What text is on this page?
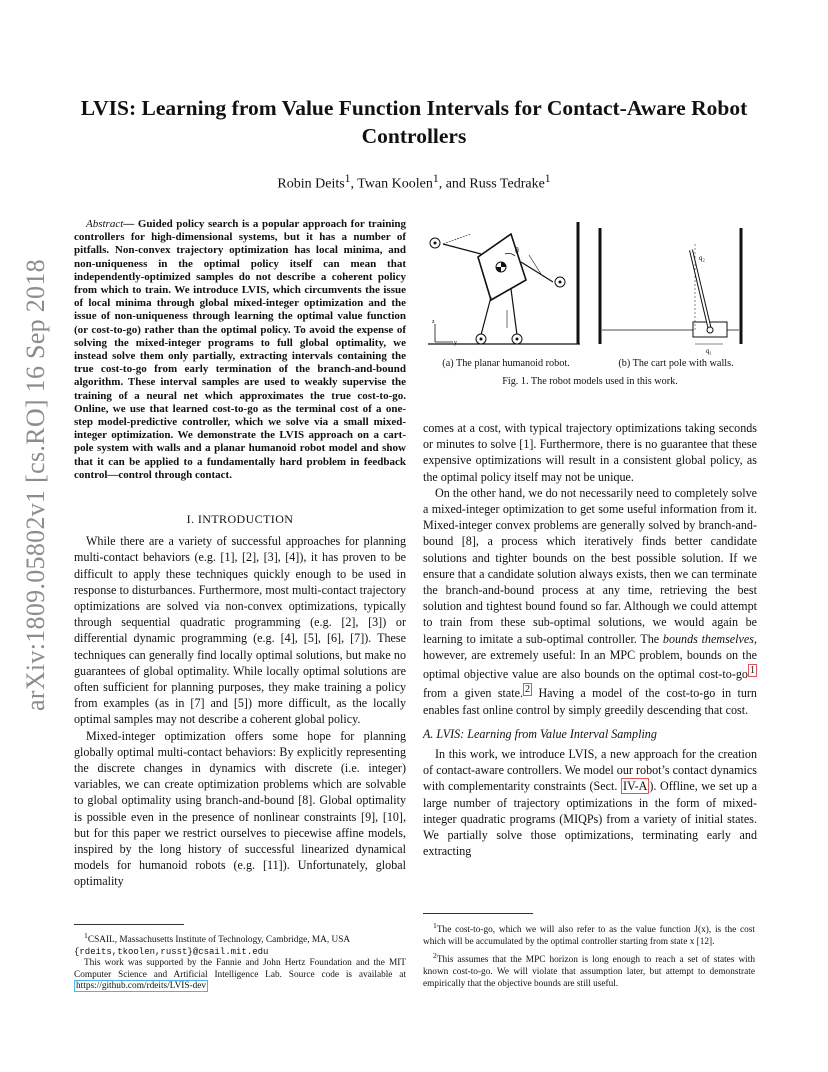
arXiv:1809.05802v1 [cs.RO] 16 Sep 2018
LVIS: Learning from Value Function Intervals for Contact-Aware Robot Controllers
Robin Deits$^1$, Twan Koolen$^1$, and Russ Tedrake$^1$
Abstract— Guided policy search is a popular approach for training controllers for high-dimensional systems, but it has a number of pitfalls. Non-convex trajectory optimization has local minima, and non-uniqueness in the optimal policy itself can mean that independently-optimized samples do not describe a coherent policy from which to train. We introduce LVIS, which circumvents the issue of local minima through global mixed-integer optimization and the issue of non-uniqueness through learning the optimal value function (or cost-to-go) rather than the optimal policy. To avoid the expense of solving the mixed-integer programs to full global optimality, we instead solve them only partially, extracting intervals containing the true cost-to-go from early termination of the branch-and-bound algorithm. These interval samples are used to weakly supervise the training of a neural net which approximates the true cost-to-go. Online, we use that learned cost-to-go as the terminal cost of a one-step model-predictive controller, which we solve via a small mixed-integer optimization. We demonstrate the LVIS approach on a cart-pole system with walls and a planar humanoid robot model and show that it can be applied to a fundamentally hard problem in feedback control—control through contact.
I. INTRODUCTION

While there are a variety of successful approaches for planning multi-contact behaviors (e.g. [1], [2], [3], [4]), it has proven to be difficult to apply these techniques quickly enough to be used in response to disturbances. Furthermore, most multi-contact trajectory optimizations are solved via non-convex optimizations, typically through sequential quadratic programming (e.g. [2], [3]) or differential dynamic programming (e.g. [4], [5], [6], [7]). These techniques can generally find locally optimal solutions, but make no guarantees of global optimality. While locally optimal solutions are often sufficient for planning purposes, they make training a policy from examples (as in [7] and [5]) more difficult, as the locally optimal samples may not describe a coherent global policy.

Mixed-integer optimization offers some hope for planning globally optimal multi-contact behaviors: By explicitly representing the discrete changes in dynamics with discrete (i.e. integer) variables, we can create optimization problems which are solvable to global optimality using branch-and-bound [8]. Global optimality is possible even in the presence of nonlinear constraints [9], [10], but for this paper we restrict ourselves to piecewise affine models, inspired by the long history of successful linearized dynamical models for humanoid robots (e.g. [11]). Unfortunately, global optimality

$^1$CSAIL, Massachusetts Institute of Technology, Cambridge, MA, USA
{rdeits,tkoolen,russt}@csail.mit.edu
This work was supported by the Fannie and John Hertz Foundation and the MIT Computer Science and Artificial Intelligence Lab. Source code is available at https://github.com/rdeits/LVIS-dev
θ
z
y
q₂
q₁
(a) The planar humanoid robot.	(b) The cart pole with walls.
Fig. 1. The robot models used in this work.

comes at a cost, with typical trajectory optimizations taking seconds or minutes to solve [1]. Furthermore, there is no guarantee that these expensive optimizations will result in a consistent global policy, as the optimal policy itself may not be unique.

On the other hand, we do not necessarily need to completely solve a mixed-integer optimization to get some useful information from it. Mixed-integer convex problems are generally solved by branch-and-bound [8], a process which iteratively finds better candidate solutions and tighter bounds on the best possible solution. If we ensure that a candidate solution always exists, then we can terminate the branch-and-bound process at any time, retrieving the best solution and tightest bound found so far. Although we could attempt to train from these sub-optimal solutions, we would again be learning to imitate a sub-optimal controller. The bounds themselves, however, are extremely useful: In an MPC problem, bounds on the optimal objective value are also bounds on the optimal cost-to-go $^1$ from a given state. $^2$ Having a model of the cost-to-go in turn enables fast online control by simply greedily descending that cost.

A. LVIS: Learning from Value Interval Sampling

In this work, we introduce LVIS, a new approach for the creation of contact-aware controllers. We model our robot’s contact dynamics with complementarity constraints (Sect. IV-A ). Offline, we set up a large number of trajectory optimizations in the form of mixed-integer quadratic programs (MIQPs) from a variety of initial states. We partially solve those optimizations, terminating early and extracting

$^1$The cost-to-go, which we will also refer to as the value function J(x), is the cost which will be accumulated by the optimal controller starting from state x [12].
$^2$This assumes that the MPC horizon is long enough to reach a set of states with known cost-to-go. We will violate that assumption later, but attempt to demonstrate empirically that the objective bounds are still useful.
